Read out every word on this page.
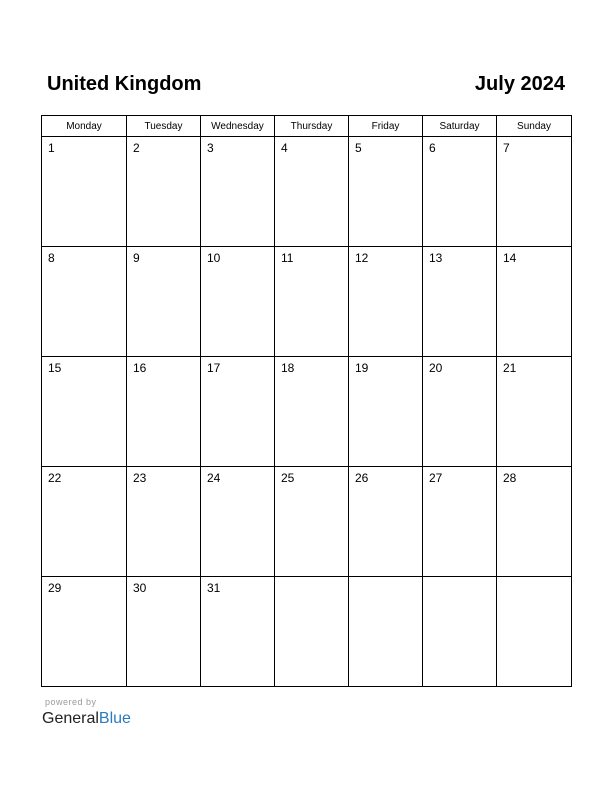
United Kingdom	July 2024
Monday	Tuesday	Wednesday	Thursday	Friday	Saturday	Sunday

1	2	3	4	5	6	7

8	9	10	11	12	13	14

15	16	17	18	19	20	21

22	23	24	25	26	27	28

29	30	31				

powered by
GeneralBlue
